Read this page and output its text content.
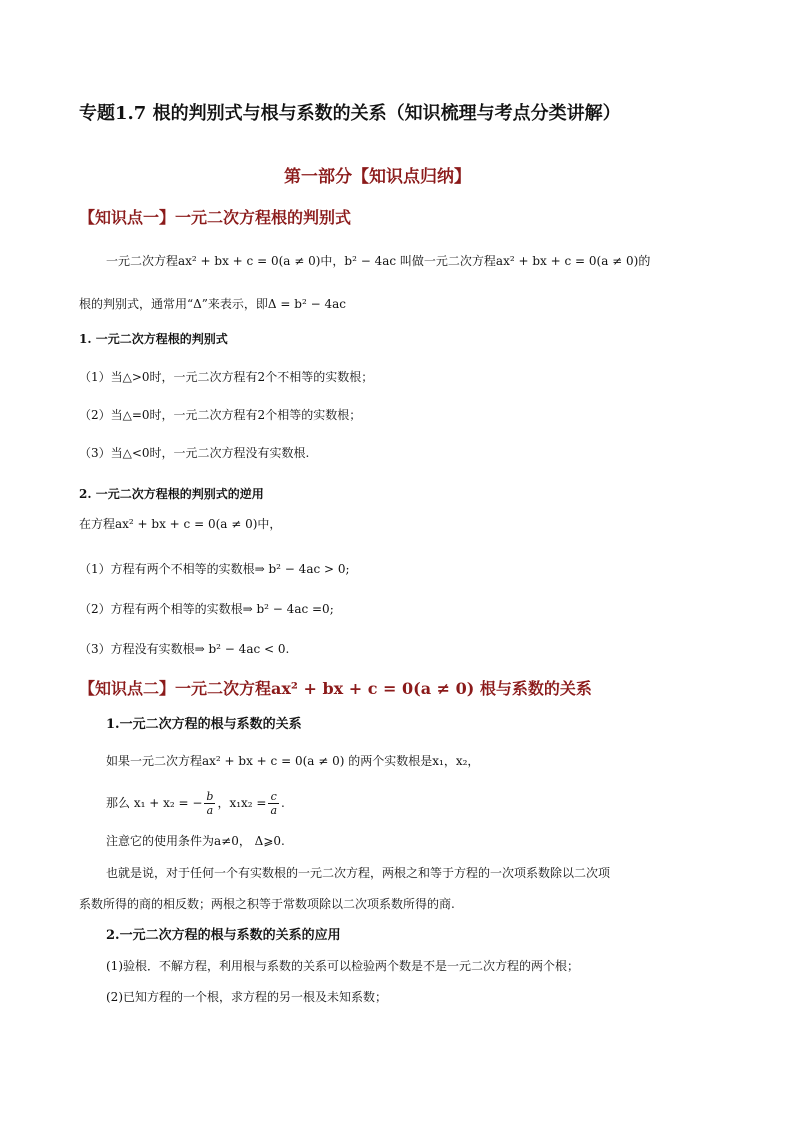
专题1.7 根的判别式与根与系数的关系（知识梳理与考点分类讲解）
第一部分【知识点归纳】
【知识点一】一元二次方程根的判别式
一元二次方程ax² + bx + c = 0(a ≠ 0)中，b² − 4ac 叫做一元二次方程ax² + bx + c = 0(a ≠ 0)的
根的判别式，通常用“Δ”来表示，即Δ = b² − 4ac
1. 一元二次方程根的判别式
（1）当△>0时，一元二次方程有2个不相等的实数根；
（2）当△=0时，一元二次方程有2个相等的实数根；
（3）当△<0时，一元二次方程没有实数根.
2. 一元二次方程根的判别式的逆用
在方程ax² + bx + c = 0(a ≠ 0)中，
（1）方程有两个不相等的实数根⇒ b² − 4ac > 0;
（2）方程有两个相等的实数根⇒ b² − 4ac =0;
（3）方程没有实数根⇒ b² − 4ac < 0.
【知识点二】一元二次方程ax² + bx + c = 0(a ≠ 0) 根与系数的关系
1.一元二次方程的根与系数的关系
如果一元二次方程ax² + bx + c = 0(a ≠ 0) 的两个实数根是x₁，x₂，
那么 x₁ + x₂ = − $\frac{b}{a}$ ，$x_1x_2 = \frac{c}{a}$ .
注意它的使用条件为a≠0， Δ⩾0.
也就是说，对于任何一个有实数根的一元二次方程，两根之和等于方程的一次项系数除以二次项
系数所得的商的相反数；两根之积等于常数项除以二次项系数所得的商.
2.一元二次方程的根与系数的关系的应用
(1)验根．不解方程，利用根与系数的关系可以检验两个数是不是一元二次方程的两个根；
(2)已知方程的一个根，求方程的另一根及未知系数；
